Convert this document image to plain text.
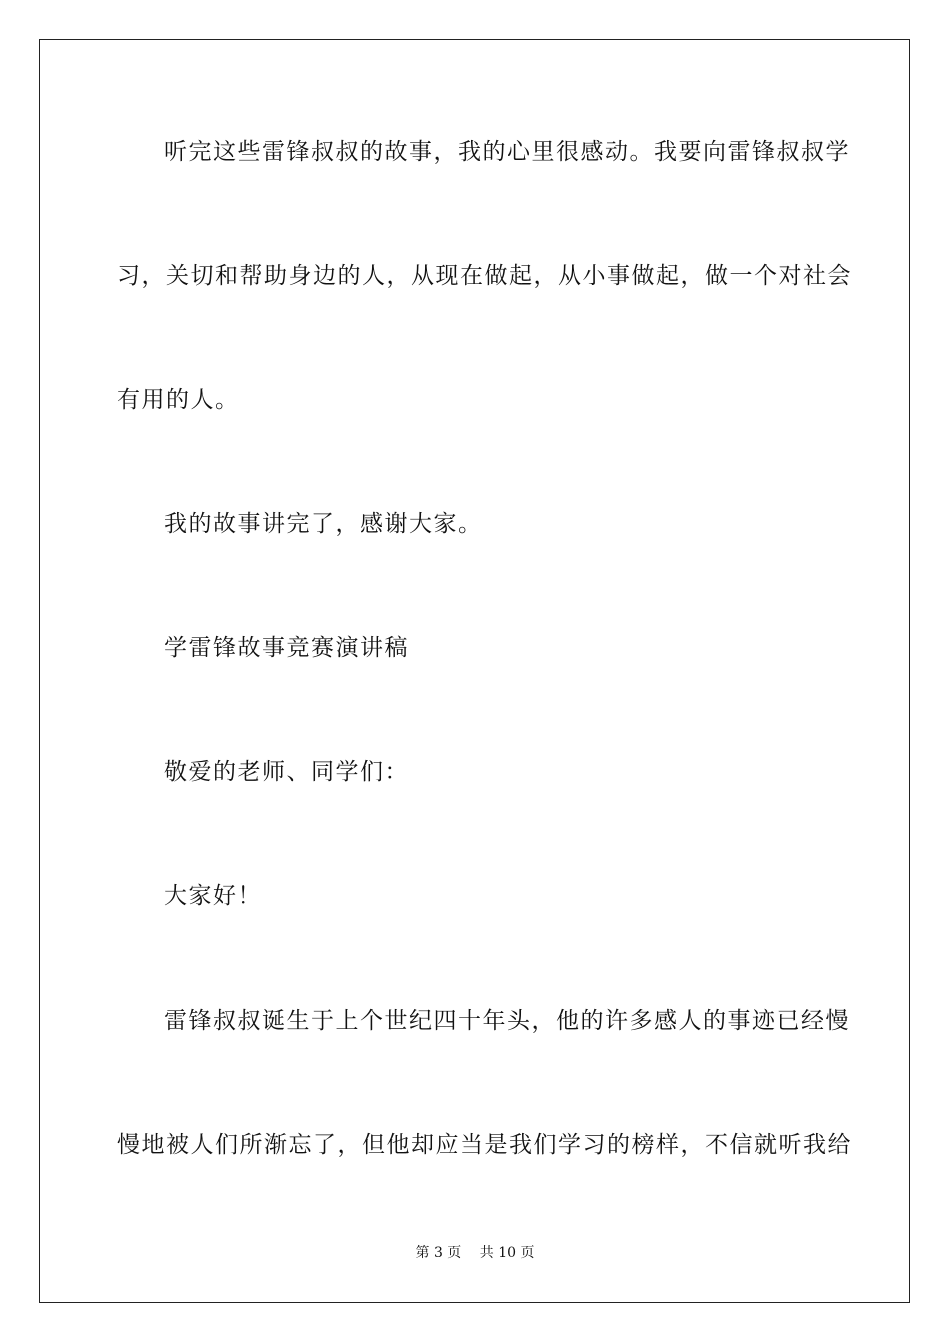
听完这些雷锋叔叔的故事，我的心里很感动。我要向雷锋叔叔学
习，关切和帮助身边的人，从现在做起，从小事做起，做一个对社会
有用的人。
我的故事讲完了，感谢大家。
学雷锋故事竞赛演讲稿
敬爱的老师、同学们：
大家好！
雷锋叔叔诞生于上个世纪四十年头，他的许多感人的事迹已经慢
慢地被人们所渐忘了，但他却应当是我们学习的榜样，不信就听我给
第 3 页　 共 10 页
